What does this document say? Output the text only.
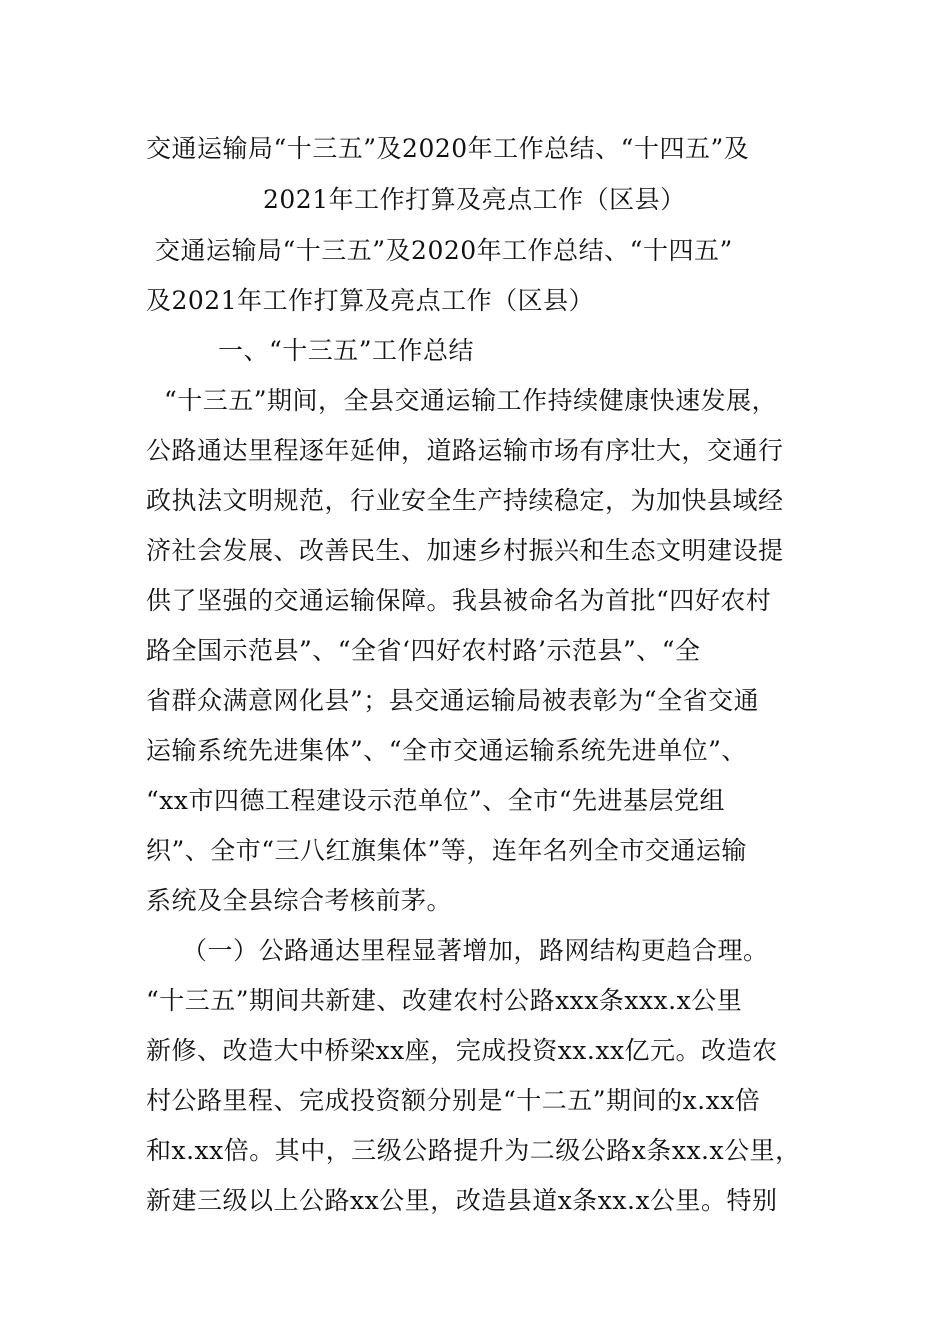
交通运输局“十三五”及2020年工作总结、“十四五”及
2021年工作打算及亮点工作（区县）
交通运输局“十三五”及2020年工作总结、“十四五”
及2021年工作打算及亮点工作（区县）
一、“十三五”工作总结
“十三五”期间，全县交通运输工作持续健康快速发展，
公路通达里程逐年延伸，道路运输市场有序壮大，交通行
政执法文明规范，行业安全生产持续稳定，为加快县域经
济社会发展、改善民生、加速乡村振兴和生态文明建设提
供了坚强的交通运输保障。我县被命名为首批“四好农村
路全国示范县”、“全省‘四好农村路’示范县”、“全
省群众满意网化县”；县交通运输局被表彰为“全省交通
运输系统先进集体”、“全市交通运输系统先进单位”、
“xx市四德工程建设示范单位”、全市“先进基层党组
织”、全市“三八红旗集体”等，连年名列全市交通运输
系统及全县综合考核前茅。
（一）公路通达里程显著增加，路网结构更趋合理。
“十三五”期间共新建、改建农村公路xxx条xxx.x公里
新修、改造大中桥梁xx座，完成投资xx.xx亿元。改造农
村公路里程、完成投资额分别是“十二五”期间的x.xx倍
和x.xx倍。其中，三级公路提升为二级公路x条xx.x公里，
新建三级以上公路xx公里，改造县道x条xx.x公里。特别
